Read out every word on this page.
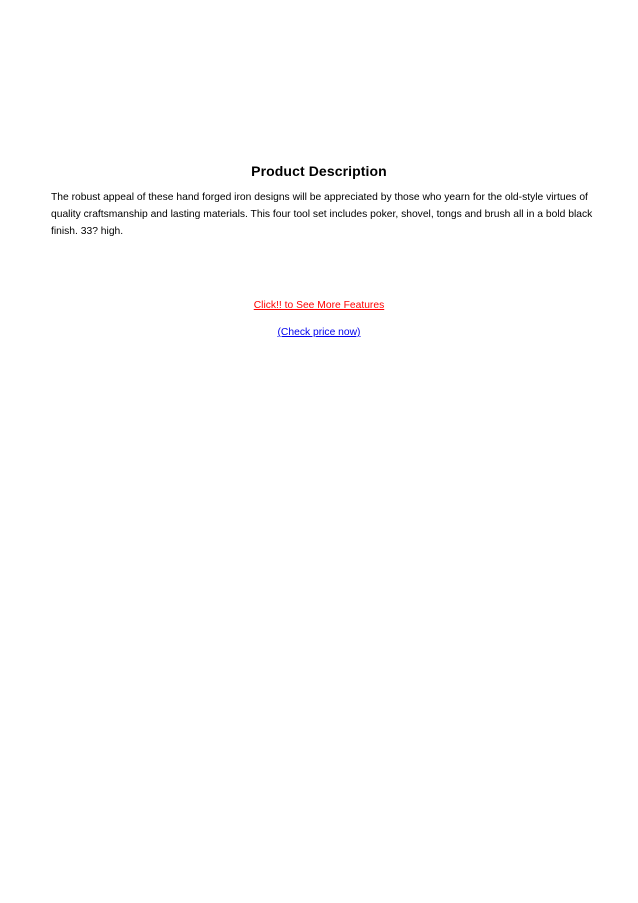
Product Description
The robust appeal of these hand forged iron designs will be appreciated by those who yearn for the old-style virtues of quality craftsmanship and lasting materials. This four tool set includes poker, shovel, tongs and brush all in a bold black finish. 33? high.
Click!! to See More Features
(Check price now)
